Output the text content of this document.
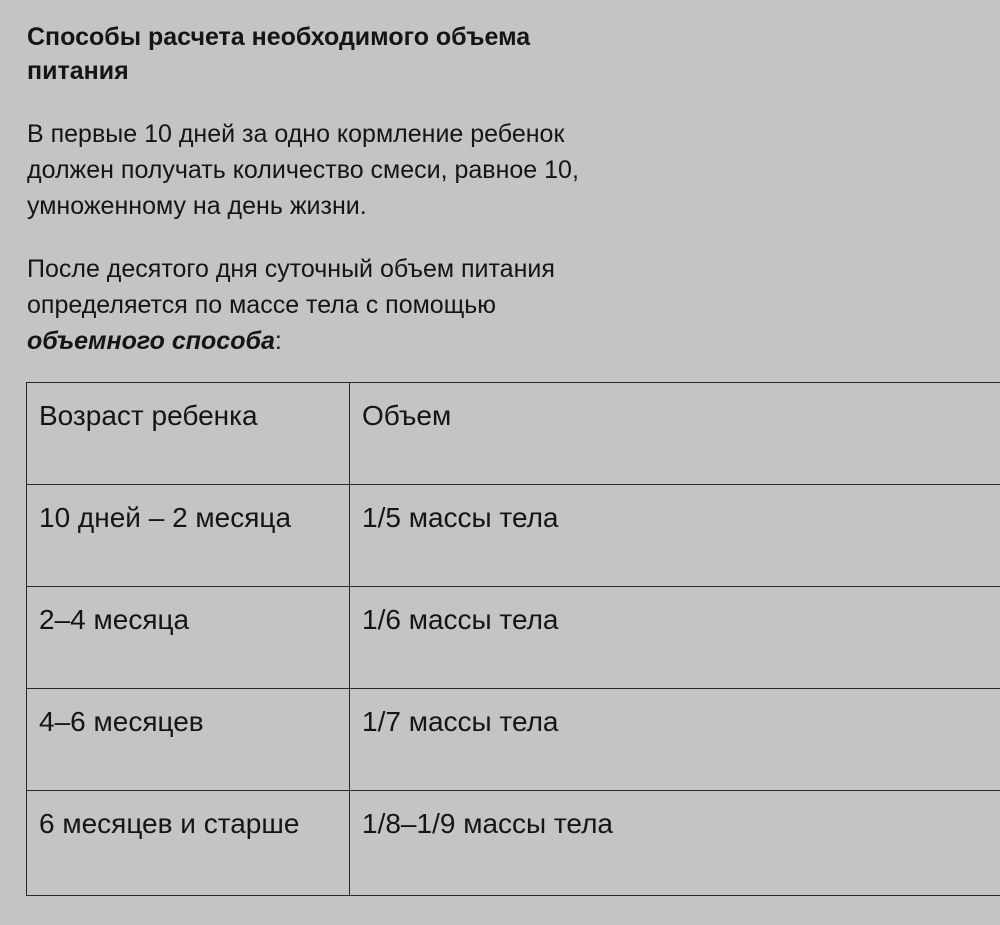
Способы расчета необходимого объема
питания

В первые 10 дней за одно кормление ребенок
должен получать количество смеси, равное 10,
умноженному на день жизни.

После десятого дня суточный объем питания
определяется по массе тела с помощью
объемного способа:

Возраст ребенка	Объем
10 дней – 2 месяца	1/5 массы тела
2–4 месяца	1/6 массы тела
4–6 месяцев	1/7 массы тела
6 месяцев и старше	1/8–1/9 массы тела
